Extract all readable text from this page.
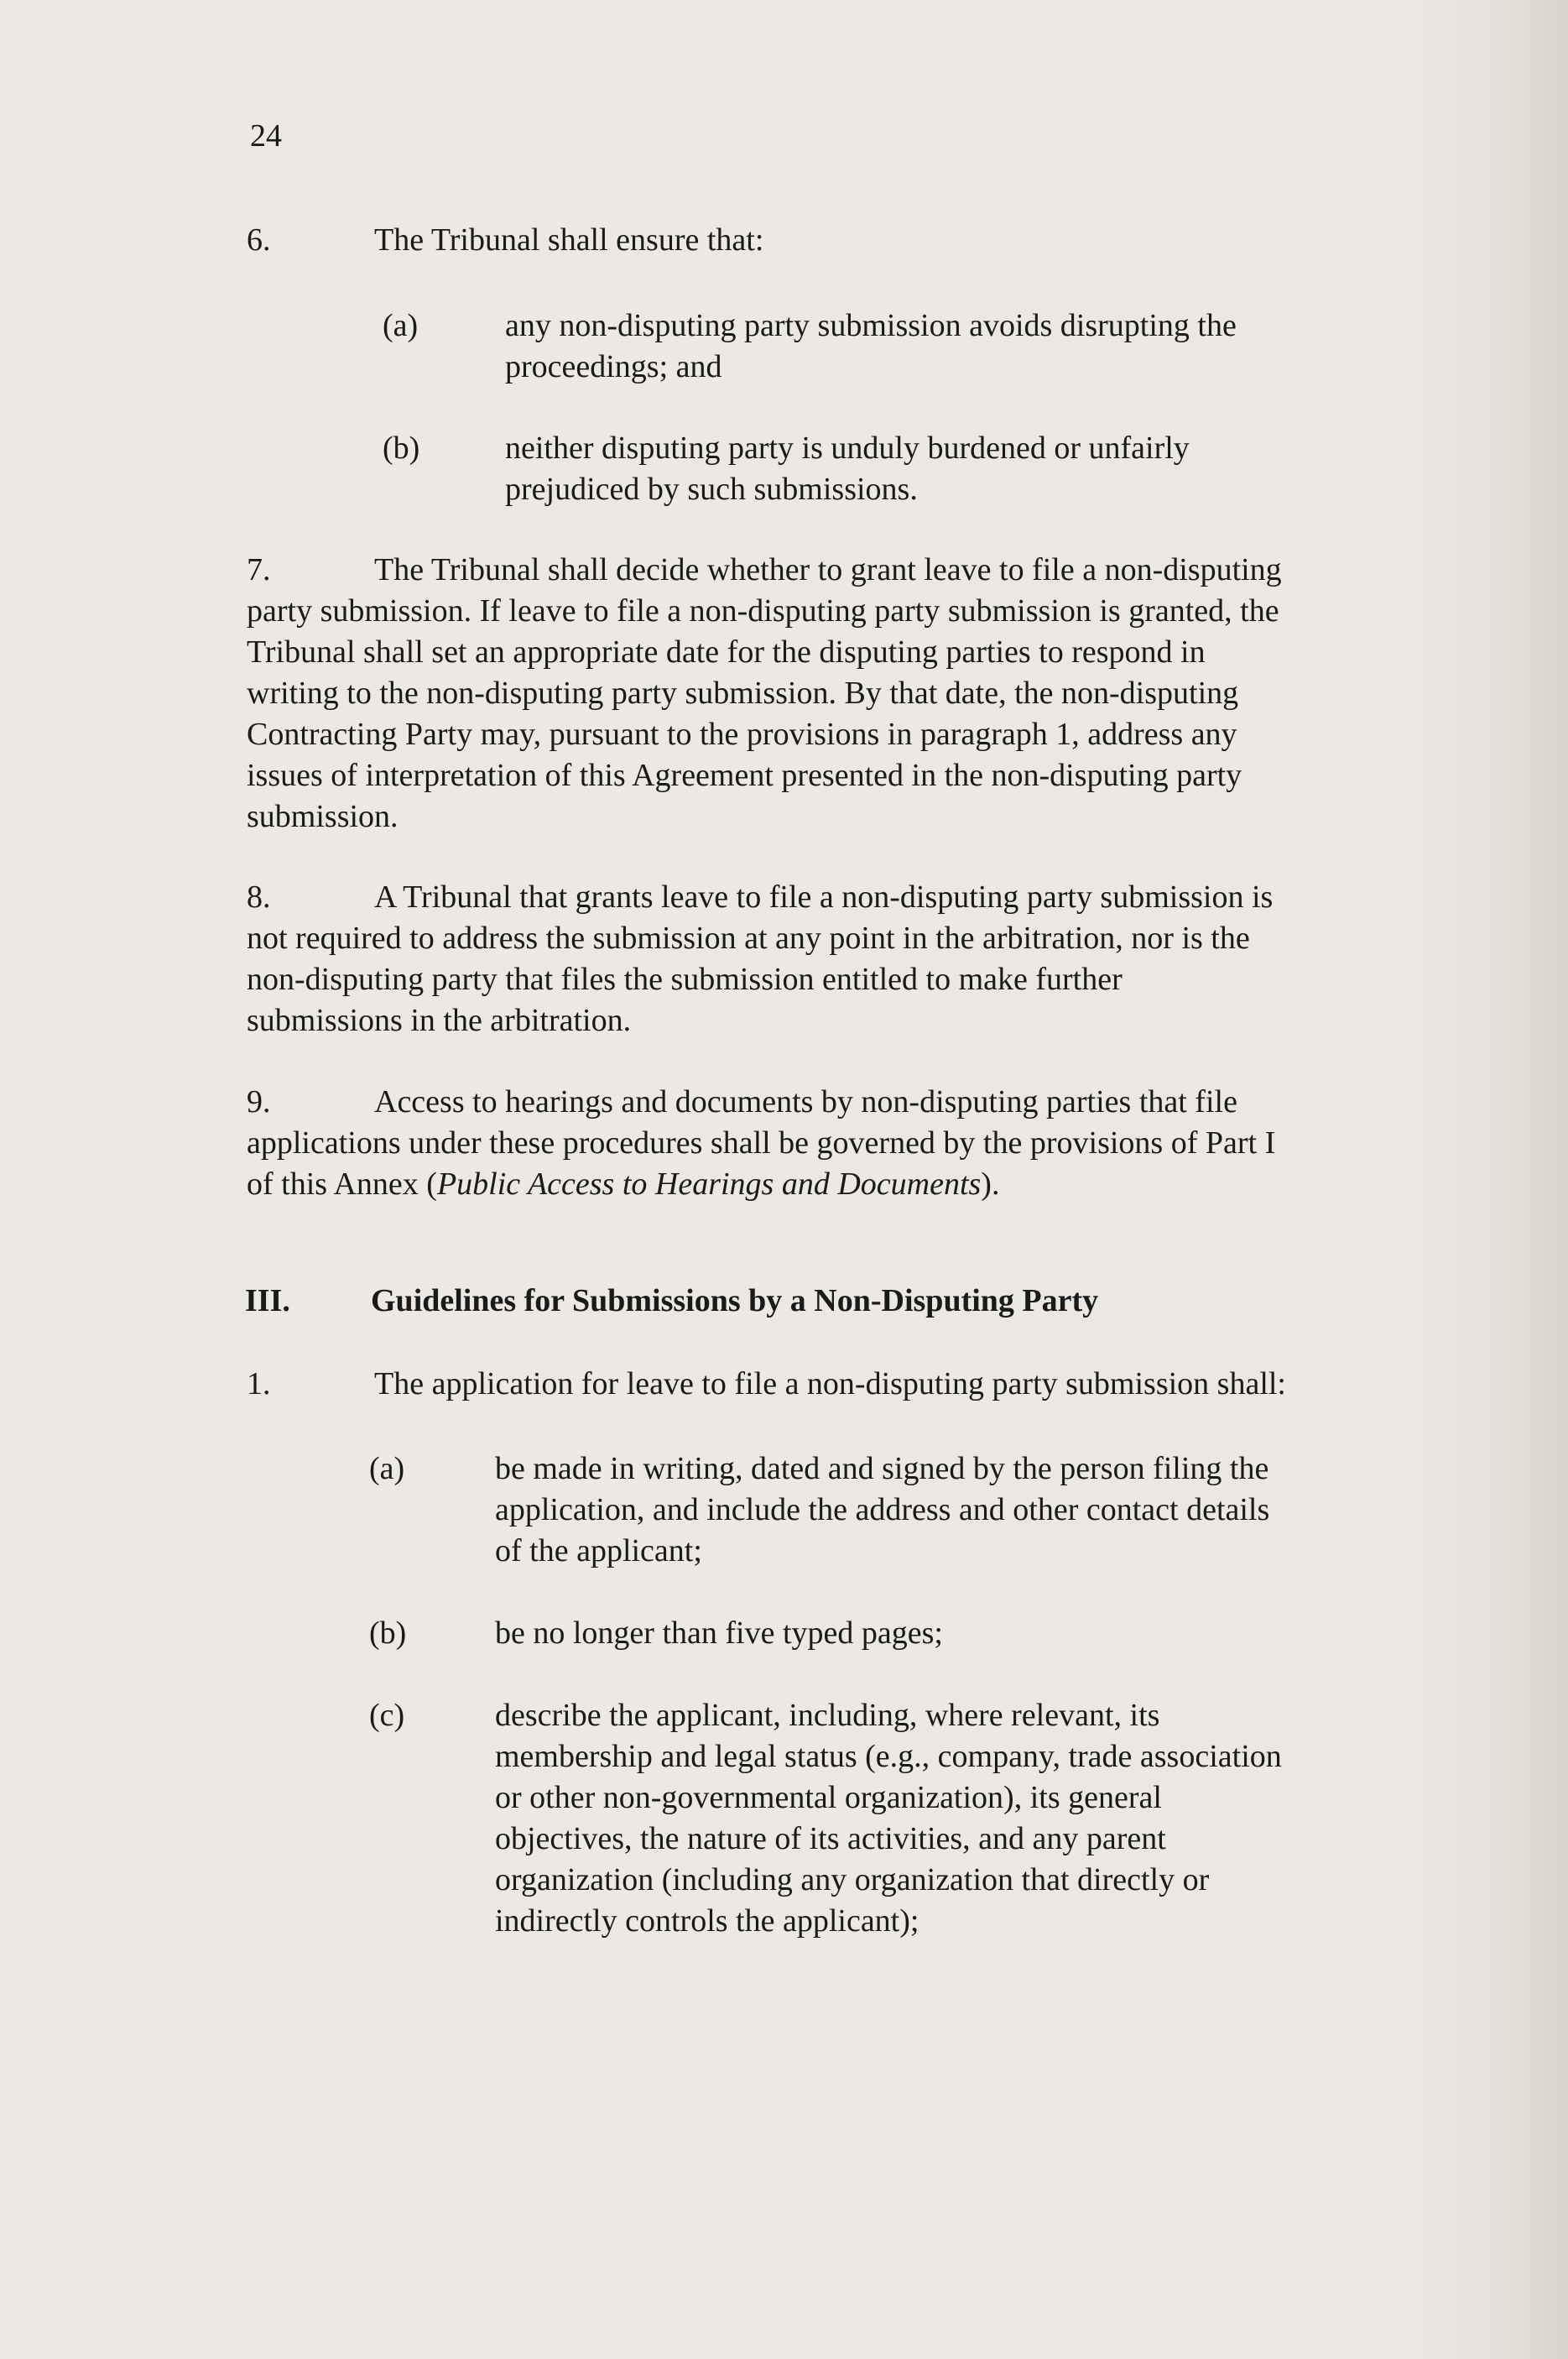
24
6.	The Tribunal shall ensure that:
(a)	any non-disputing party submission avoids disrupting the
proceedings; and
(b)	neither disputing party is unduly burdened or unfairly
prejudiced by such submissions.
7.	The Tribunal shall decide whether to grant leave to file a non-disputing
party submission. If leave to file a non-disputing party submission is granted, the
Tribunal shall set an appropriate date for the disputing parties to respond in
writing to the non-disputing party submission. By that date, the non-disputing
Contracting Party may, pursuant to the provisions in paragraph 1, address any
issues of interpretation of this Agreement presented in the non-disputing party
submission.
8.	A Tribunal that grants leave to file a non-disputing party submission is
not required to address the submission at any point in the arbitration, nor is the
non-disputing party that files the submission entitled to make further
submissions in the arbitration.
9.	Access to hearings and documents by non-disputing parties that file
applications under these procedures shall be governed by the provisions of Part I
of this Annex (Public Access to Hearings and Documents).
III.	Guidelines for Submissions by a Non-Disputing Party
1.	The application for leave to file a non-disputing party submission shall:
(a)	be made in writing, dated and signed by the person filing the
application, and include the address and other contact details
of the applicant;
(b)	be no longer than five typed pages;
(c)	describe the applicant, including, where relevant, its
membership and legal status (e.g., company, trade association
or other non-governmental organization), its general
objectives, the nature of its activities, and any parent
organization (including any organization that directly or
indirectly controls the applicant);
